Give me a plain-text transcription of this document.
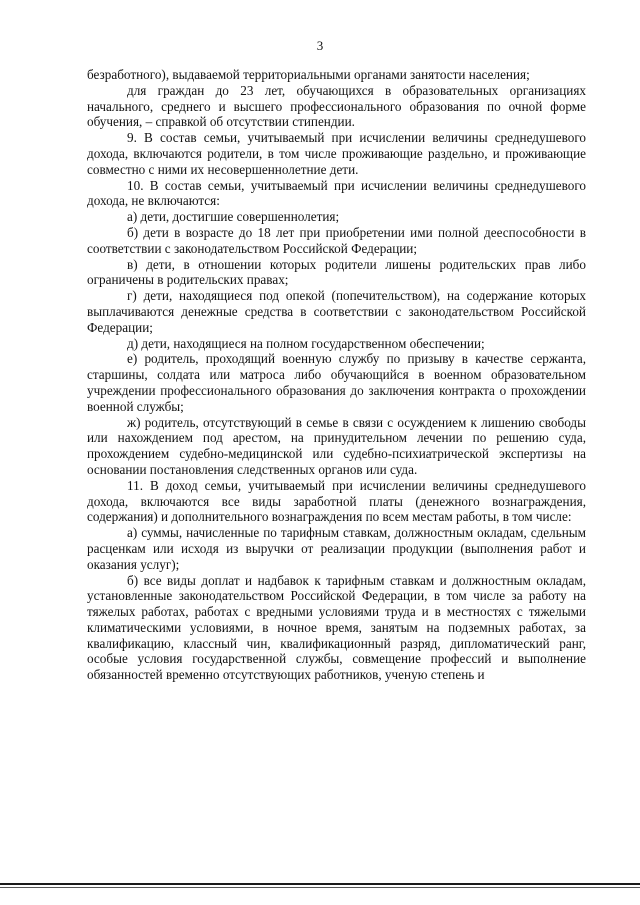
3

безработного), выдаваемой территориальными органами занятости населения;

для граждан до 23 лет, обучающихся в образовательных организациях начального, среднего и высшего профессионального образования по очной форме обучения, – справкой об отсутствии стипендии.

9. В состав семьи, учитываемый при исчислении величины среднедушевого дохода, включаются родители, в том числе проживающие раздельно, и проживающие совместно с ними их несовершеннолетние дети.

10. В состав семьи, учитываемый при исчислении величины среднедушевого дохода, не включаются:

а) дети, достигшие совершеннолетия;

б) дети в возрасте до 18 лет при приобретении ими полной дееспособности в соответствии с законодательством Российской Федерации;

в) дети, в отношении которых родители лишены родительских прав либо ограничены в родительских правах;

г) дети, находящиеся под опекой (попечительством), на содержание которых выплачиваются денежные средства в соответствии с законодательством Российской Федерации;

д) дети, находящиеся на полном государственном обеспечении;

е) родитель, проходящий военную службу по призыву в качестве сержанта, старшины, солдата или матроса либо обучающийся в военном образовательном учреждении профессионального образования до заключения контракта о прохождении военной службы;

ж) родитель, отсутствующий в семье в связи с осуждением к лишению свободы или нахождением под арестом, на принудительном лечении по решению суда, прохождением судебно-медицинской или судебно-психиатрической экспертизы на основании постановления следственных органов или суда.

11. В доход семьи, учитываемый при исчислении величины среднедушевого дохода, включаются все виды заработной платы (денежного вознаграждения, содержания) и дополнительного вознаграждения по всем местам работы, в том числе:

а) суммы, начисленные по тарифным ставкам, должностным окладам, сдельным расценкам или исходя из выручки от реализации продукции (выполнения работ и оказания услуг);

б) все виды доплат и надбавок к тарифным ставкам и должностным окладам, установленные законодательством Российской Федерации, в том числе за работу на тяжелых работах, работах с вредными условиями труда и в местностях с тяжелыми климатическими условиями, в ночное время, занятым на подземных работах, за квалификацию, классный чин, квалификационный разряд, дипломатический ранг, особые условия государственной службы, совмещение профессий и выполнение обязанностей временно отсутствующих работников, ученую степень и
